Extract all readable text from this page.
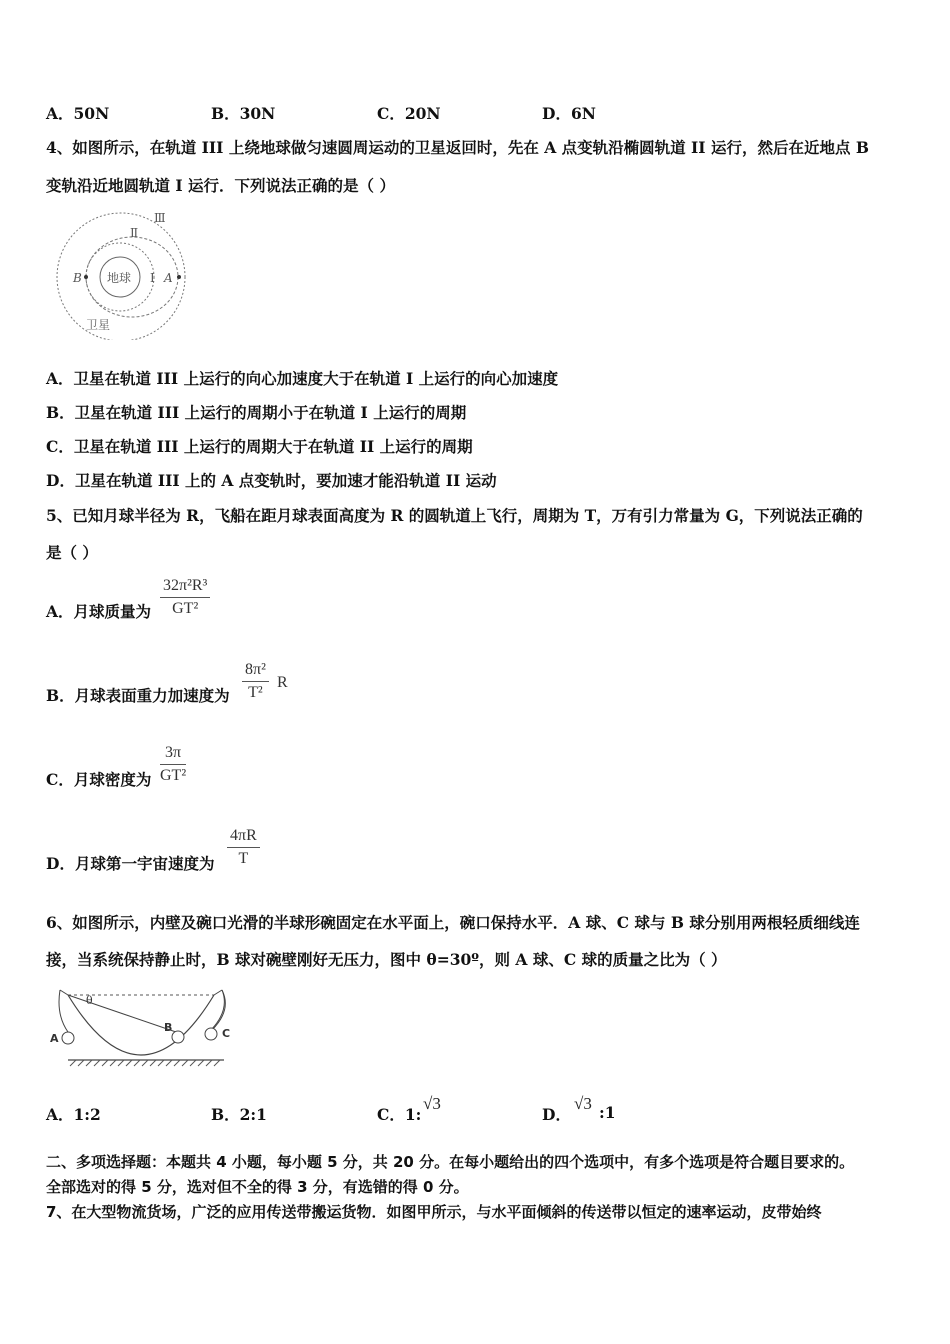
A．50N	B．30N	C．20N	D．6N
4、如图所示，在轨道 III 上绕地球做匀速圆周运动的卫星返回时，先在 A 点变轨沿椭圆轨道 II 运行，然后在近地点 B
变轨沿近地圆轨道 I 运行．下列说法正确的是（ ）
地球
Ⅲ
Ⅱ
I A
B
卫星
A．卫星在轨道 III 上运行的向心加速度大于在轨道 I 上运行的向心加速度
B．卫星在轨道 III 上运行的周期小于在轨道 I 上运行的周期
C．卫星在轨道 III 上运行的周期大于在轨道 II 上运行的周期
D．卫星在轨道 III 上的 A 点变轨时，要加速才能沿轨道 II 运动
5、已知月球半径为 R，飞船在距月球表面高度为 R 的圆轨道上飞行，周期为 T，万有引力常量为 G，下列说法正确的
是（ ）
A．月球质量为 $\frac{\text{32π²R³}}{\text{GT²}}$
B．月球表面重力加速度为 $\frac{\text{8π²}}{\text{T²}}$ R
C．月球密度为 $\frac{3\pi}{\text{GT²}}$
D．月球第一宇宙速度为 $\frac{4\pi R}{T}$
6、如图所示，内壁及碗口光滑的半球形碗固定在水平面上，碗口保持水平．A 球、C 球与 B 球分别用两根轻质细线连
接，当系统保持静止时，B 球对碗壁刚好无压力，图中 θ=30º，则 A 球、C 球的质量之比为（ ）
A
B	C
θ
A．1:2	B．2:1	C．1:
√3
D．
√3 :1
二、多项选择题：本题共 4 小题，每小题 5 分，共 20 分。在每小题给出的四个选项中，有多个选项是符合题目要求的。
全部选对的得 5 分，选对但不全的得 3 分，有选错的得 0 分。
7、在大型物流货场，广泛的应用传送带搬运货物．如图甲所示，与水平面倾斜的传送带以恒定的速率运动，皮带始终
